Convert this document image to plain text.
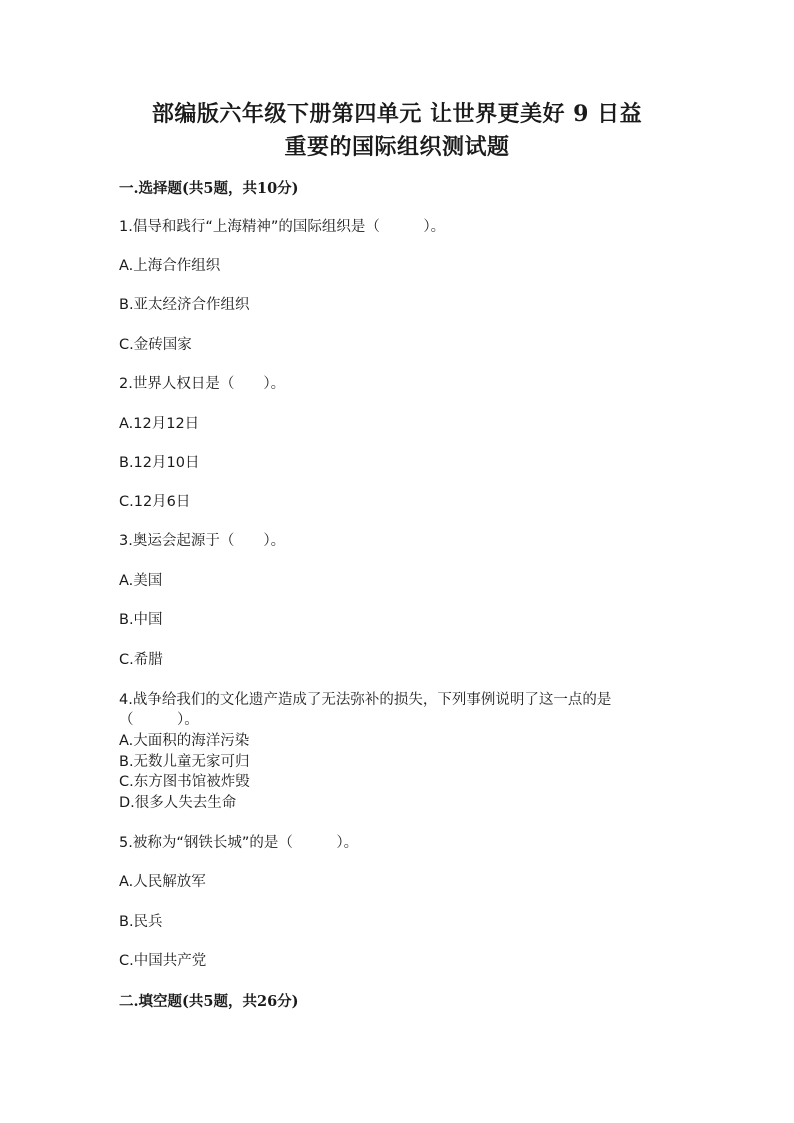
部编版六年级下册第四单元 让世界更美好 9 日益
重要的国际组织测试题
一.选择题(共5题，共10分)
1.倡导和践行“上海精神”的国际组织是（　　　）。
A.上海合作组织
B.亚太经济合作组织
C.金砖国家
2.世界人权日是（　　）。
A.12月12日
B.12月10日
C.12月6日
3.奥运会起源于（　　）。
A.美国
B.中国
C.希腊
4.战争给我们的文化遗产造成了无法弥补的损失，下列事例说明了这一点的是
（　　　）。
A.大面积的海洋污染
B.无数儿童无家可归
C.东方图书馆被炸毁
D.很多人失去生命
5.被称为“钢铁长城”的是（　　　）。
A.人民解放军
B.民兵
C.中国共产党
二.填空题(共5题，共26分)
